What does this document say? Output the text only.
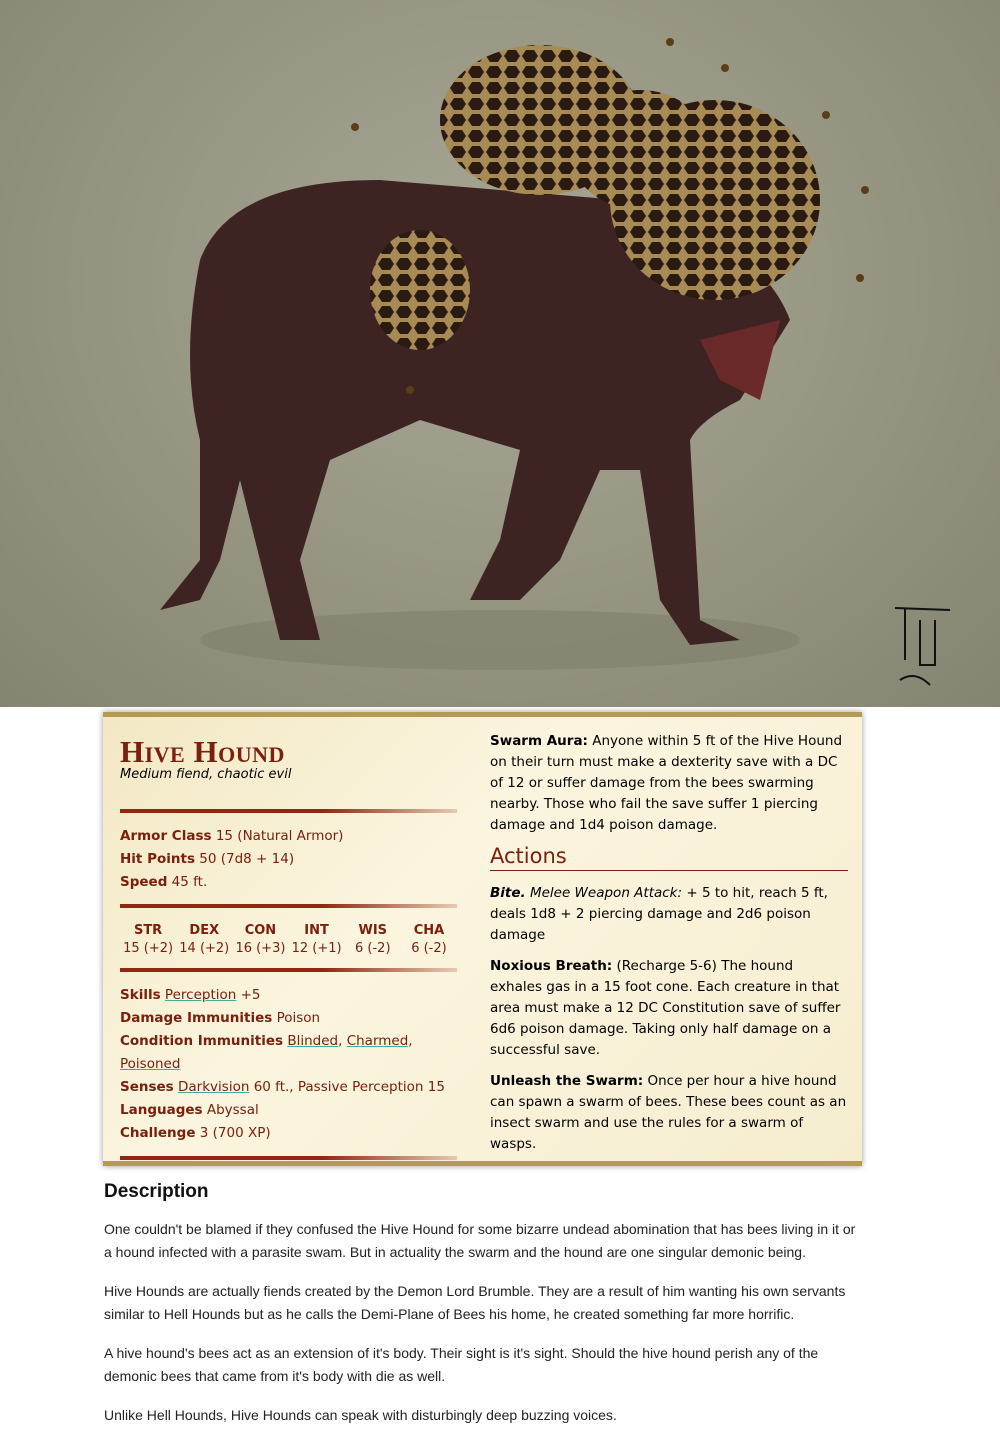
Hive Hound
Medium fiend, chaotic evil
Armor Class 15 (Natural Armor)
Hit Points 50 (7d8 + 14)
Speed 45 ft.
STR
15 (+2)
DEX
14 (+2)
CON
16 (+3)
INT
12 (+1)
WIS
6 (-2)
CHA
6 (-2)
Skills Perception +5
Damage Immunities Poison
Condition Immunities Blinded, Charmed, Poisoned
Senses Darkvision 60 ft., Passive Perception 15
Languages Abyssal
Challenge 3 (700 XP)

Swarm Aura: Anyone within 5 ft of the Hive Hound on their turn must make a dexterity save with a DC of 12 or suffer damage from the bees swarming nearby. Those who fail the save suffer 1 piercing damage and 1d4 poison damage.

Actions

Bite. Melee Weapon Attack: + 5 to hit, reach 5 ft, deals 1d8 + 2 piercing damage and 2d6 poison damage

Noxious Breath: (Recharge 5-6) The hound exhales gas in a 15 foot cone. Each creature in that area must make a 12 DC Constitution save of suffer 6d6 poison damage. Taking only half damage on a successful save.

Unleash the Swarm: Once per hour a hive hound can spawn a swarm of bees. These bees count as an insect swarm and use the rules for a swarm of wasps.

Description

One couldn't be blamed if they confused the Hive Hound for some bizarre undead abomination that has bees living in it or a hound infected with a parasite swam. But in actuality the swarm and the hound are one singular demonic being.

Hive Hounds are actually fiends created by the Demon Lord Brumble. They are a result of him wanting his own servants similar to Hell Hounds but as he calls the Demi-Plane of Bees his home, he created something far more horrific.

A hive hound's bees act as an extension of it's body. Their sight is it's sight. Should the hive hound perish any of the demonic bees that came from it's body with die as well.

Unlike Hell Hounds, Hive Hounds can speak with disturbingly deep buzzing voices.
